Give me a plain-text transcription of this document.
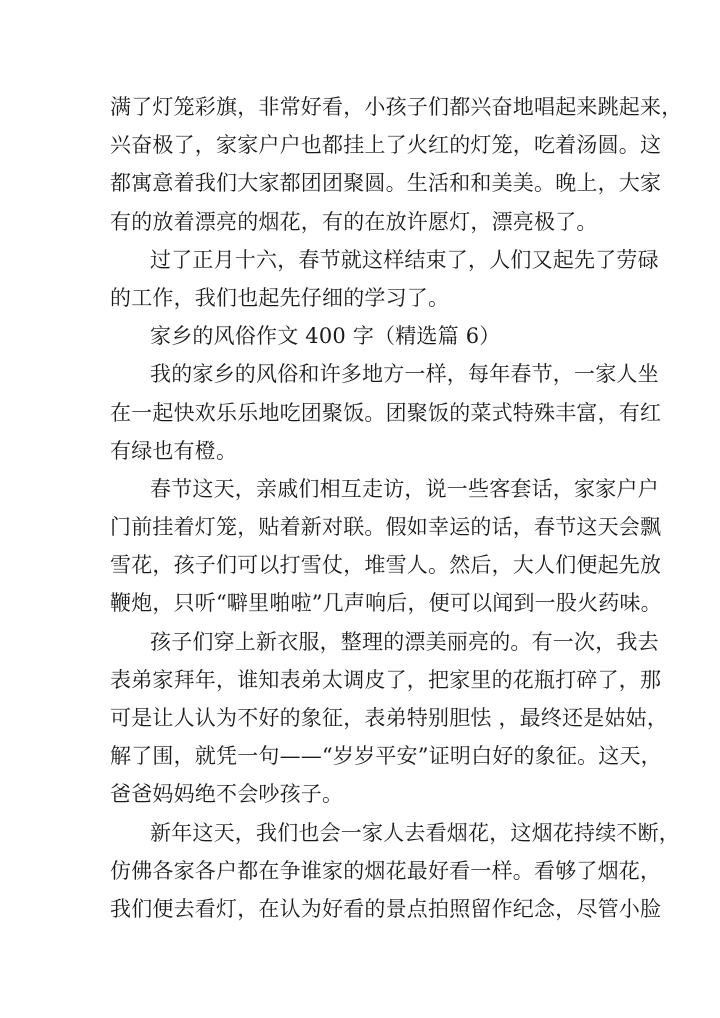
满了灯笼彩旗，非常好看，小孩子们都兴奋地唱起来跳起来，
兴奋极了，家家户户也都挂上了火红的灯笼，吃着汤圆。这
都寓意着我们大家都团团聚圆。生活和和美美。晚上，大家
有的放着漂亮的烟花，有的在放许愿灯，漂亮极了。
过了正月十六，春节就这样结束了，人们又起先了劳碌
的工作，我们也起先仔细的学习了。
家乡的风俗作文 400 字（精选篇 6）
我的家乡的风俗和许多地方一样，每年春节，一家人坐
在一起快欢乐乐地吃团聚饭。团聚饭的菜式特殊丰富，有红
有绿也有橙。
春节这天，亲戚们相互走访，说一些客套话，家家户户
门前挂着灯笼，贴着新对联。假如幸运的话，春节这天会飘
雪花，孩子们可以打雪仗，堆雪人。然后，大人们便起先放
鞭炮，只听“噼里啪啦”几声响后，便可以闻到一股火药味。
孩子们穿上新衣服，整理的漂美丽亮的。有一次，我去
表弟家拜年，谁知表弟太调皮了，把家里的花瓶打碎了，那
可是让人认为不好的象征，表弟特别胆怯 ，最终还是姑姑，
解了围，就凭一句——“岁岁平安”证明白好的象征。这天，
爸爸妈妈绝不会吵孩子。
新年这天，我们也会一家人去看烟花，这烟花持续不断，
仿佛各家各户都在争谁家的烟花最好看一样。看够了烟花，
我们便去看灯，在认为好看的景点拍照留作纪念，尽管小脸
